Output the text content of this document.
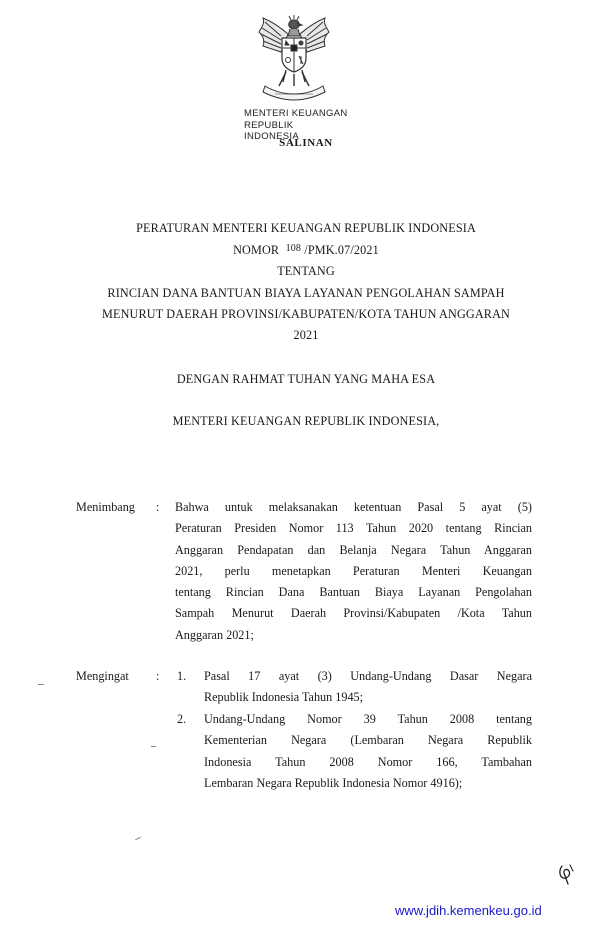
MENTERI KEUANGAN
REPUBLIK INDONESIA
SALINAN
PERATURAN MENTERI KEUANGAN REPUBLIK INDONESIA
NOMOR $^{108}$ /PMK.07/2021
TENTANG
RINCIAN DANA BANTUAN BIAYA LAYANAN PENGOLAHAN SAMPAH
MENURUT DAERAH PROVINSI/KABUPATEN/KOTA TAHUN ANGGARAN
2021
DENGAN RAHMAT TUHAN YANG MAHA ESA
MENTERI KEUANGAN REPUBLIK INDONESIA,
Menimbang : Bahwa untuk melaksanakan ketentuan Pasal 5 ayat (5)
Peraturan Presiden Nomor 113 Tahun 2020 tentang Rincian
Anggaran Pendapatan dan Belanja Negara Tahun Anggaran
2021, perlu menetapkan Peraturan Menteri Keuangan
tentang Rincian Dana Bantuan Biaya Layanan Pengolahan
Sampah Menurut Daerah Provinsi/Kabupaten /Kota Tahun
Anggaran 2021;
Mengingat : 1. Pasal 17 ayat (3) Undang-Undang Dasar Negara
Republik Indonesia Tahun 1945;
2. Undang-Undang Nomor 39 Tahun 2008 tentang
Kementerian Negara (Lembaran Negara Republik
Indonesia Tahun 2008 Nomor 166, Tambahan
Lembaran Negara Republik Indonesia Nomor 4916);
www.jdih.kemenkeu.go.id
